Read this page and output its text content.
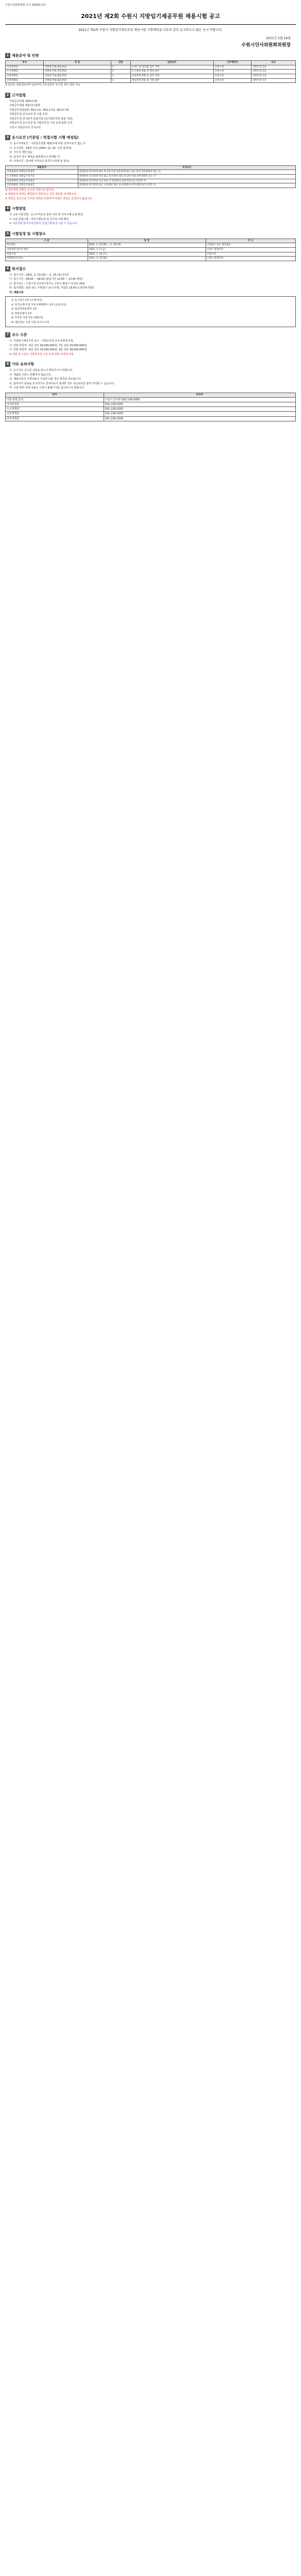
수원시선관위원회 공고 제2021-7호
2021년 제2회 수원시 지방임기제공무원 채용시험 공고
2021년 제2회 수원시 지방임기제공무원 채용시험 시행계획을 다음과 같이 공고하오니 많은 응시 바랍니다.
2021년 2월 16일
수원시인사위원회위원장
1 채용분야 및 인원
부서	직 급	인원	담당업무	근무예정지	비고
자치분권과	지방임기제 (9급상당)	1	스마트 및 정보화 업무 기획	수원시청	계약기간 2년
도시정책과	지방임기제 (7급상당)	1	도시재생 총괄 및 행정 업무	수원시청	계약기간 2년
교통정책과	지방임기제 (8급상당)	1	교통정책 총괄 및 업무 지원	수원시청	계약기간 2년
안전정책과	지방임기제 (6급상당)	1	재난안전 총괄 및 기획 업무	수원시청	계약기간 2년
※ 임기는 임용일로부터 2년이며 근무실적이 우수한 경우 연장 가능
2 근거법령
지방공무원법 제25조의5
지방공무원법 제27조의2항
지방공무원임용령 제3조의2, 제21조의3, 제21조의5
지방공무원 인사규칙 및 시험 규칙
지방공무원 인사분야 통합지침 (임기제공무원 임용 지침)
지방공무원 보수규정 및 지방공무원 수당 등에 관한 규정
수원시 지방공무원 인사규칙
3 응시요건 (기준일 : 면접시험 시행 예정일)
가. 응시자격요건 : 지방공무원법 제31조에 따른 결격사유가 없는 자
나. 응시연령 : 18세 이상 (2003. 12. 31. 이전 출생자)
다. 거주지 제한 없음
라. 남자의 경우 병역을 필하였거나 면제된 자
마. 자격요건 : 분야별 자격요건 충족자 (아래 표 참조)
채용분야	자격요건
자치분권과 지방임기제 9급	관련분야 학사학위 취득 후 1년 이상 실무경력 또는 3년 이상 실무경력이 있는 자
도시정책과 지방임기제 7급	관련분야 석사학위 이상 또는 학사학위 취득 후 3년 이상 실무경력이 있는 자
교통정책과 지방임기제 8급	관련분야 학사학위 이상 취득 후 관련분야 실무경력 1년 이상인 자
안전정책과 지방임기제 6급	관련분야 박사학위 또는 석사학위 취득 후 관련분야 실무경력 3년 이상인 자
※ 실무경력 산정은 공고일 기준으로 합니다.
※ 관련분야 학위는 해당분야 학과 또는 전공 학위를 의미합니다.
※ 경력은 상근으로 근무한 경력만 인정하며 비상근 경력은 인정하지 않습니다.
4 시험방법
가. 1차 서류전형 : 응시자격요건 충족 여부 및 직무수행 능력 확인
나. 2차 면접시험 : 직무수행능력 및 공무원 자세 확인
※ 서류전형 합격자에 한하여 면접시험에 응시할 수 있습니다.
5 시험일정 및 시험장소
구 분	일 정	비 고
원서접수	2021. 2. 23.(화) ~ 2. 25.(목)	우편접수 또는 방문접수
서류전형 합격자 발표	2021. 3. 5.(금)	수원시 홈페이지
면접시험	2021. 3. 10.(수)	수원시청
최종합격자 발표	2021. 3. 15.(월)	수원시 홈페이지
6 원서접수
가. 접수기간 : 2021. 2. 23.(화) ~ 2. 25.(목) 3일간
나. 접수시간 : 09:00 ~ 18:00 (점심시간 12:00 ~ 13:00 제외)
다. 접수장소 : 수원시청 인사과 (경기도 수원시 팔달구 효원로 241)
라. 접수방법 : 방문 또는 우편접수 (등기우편, 마감일 18:00 도착분에 한함)
마. 제출서류
① 응시원서 1부 (소정서식)
② 자기소개서 및 직무수행계획서 1부 (소정서식)
③ 최종학력증명서 1부
④ 경력증명서 1부
⑤ 자격증 사본 1부 (해당자)
⑥ 개인정보 수집 이용 동의서 1부
7 보수 수준
가. 지방임기제공무원 보수 : 지방공무원 보수규정에 따름
나. 연봉 하한액 : 6급 상당 39,000,000원, 7급 상당 34,000,000원
다. 연봉 하한액 : 8급 상당 31,000,000원, 9급 상당 28,000,000원
※ 연봉 외 수당은 지방공무원 수당 등에 관한 규정에 따름
8 기타 유의사항
가. 응시자는 공고문 내용을 반드시 확인하시기 바랍니다.
나. 제출된 서류는 반환하지 않습니다.
다. 제출서류의 기재내용이 사실과 다를 경우 합격을 취소합니다.
라. 합격자가 임용을 포기하거나 결격사유가 발생한 경우 차순위자를 합격 처리할 수 있습니다.
마. 시험 관련 상세 내용은 수원시 홈페이지를 참고하시기 바랍니다.
분야	문의처
시험 관련 문의	수원시 인사과 031-228-2000
자치분권과	031-228-2001
도시정책과	031-228-2002
교통정책과	031-228-2003
안전정책과	031-228-2004
